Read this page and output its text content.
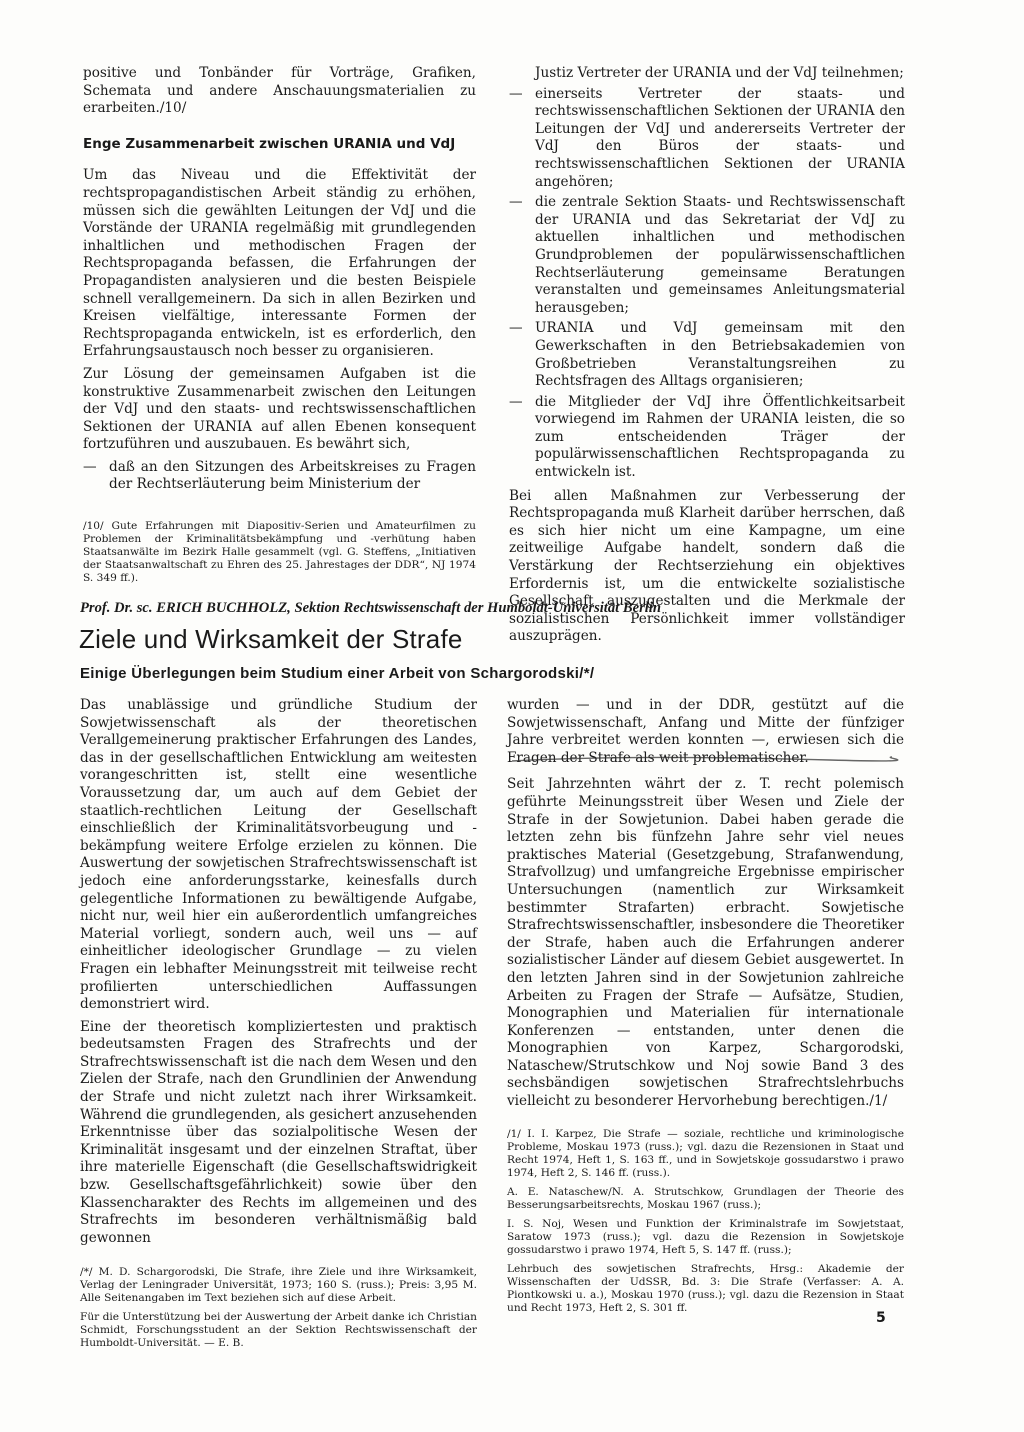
positive und Tonbänder für Vorträge, Grafiken, Schemata und andere Anschauungsmaterialien zu erarbeiten./10/

Enge Zusammenarbeit zwischen URANIA und VdJ

Um das Niveau und die Effektivität der rechtspropagandistischen Arbeit ständig zu erhöhen, müssen sich die gewählten Leitungen der VdJ und die Vorstände der URANIA regelmäßig mit grundlegenden inhaltlichen und methodischen Fragen der Rechtspropaganda befassen, die Erfahrungen der Propagandisten analysieren und die besten Beispiele schnell verallgemeinern. Da sich in allen Bezirken und Kreisen vielfältige, interessante Formen der Rechtspropaganda entwickeln, ist es erforderlich, den Erfahrungsaustausch noch besser zu organisieren.

Zur Lösung der gemeinsamen Aufgaben ist die konstruktive Zusammenarbeit zwischen den Leitungen der VdJ und den staats- und rechtswissenschaftlichen Sektionen der URANIA auf allen Ebenen konsequent fortzuführen und auszubauen. Es bewährt sich,

— daß an den Sitzungen des Arbeitskreises zu Fragen der Rechtserläuterung beim Ministerium der

/10/ Gute Erfahrungen mit Diapositiv-Serien und Amateurfilmen zu Problemen der Kriminalitätsbekämpfung und -verhütung haben Staatsanwälte im Bezirk Halle gesammelt (vgl. G. Steffens, „Initiativen der Staatsanwaltschaft zu Ehren des 25. Jahrestages der DDR“, NJ 1974 S. 349 ff.).

Justiz Vertreter der URANIA und der VdJ teilnehmen;

— einerseits Vertreter der staats- und rechtswissenschaftlichen Sektionen der URANIA den Leitungen der VdJ und andererseits Vertreter der VdJ den Büros der staats- und rechtswissenschaftlichen Sektionen der URANIA angehören;
— die zentrale Sektion Staats- und Rechtswissenschaft der URANIA und das Sekretariat der VdJ zu aktuellen inhaltlichen und methodischen Grundproblemen der populärwissenschaftlichen Rechtserläuterung gemeinsame Beratungen veranstalten und gemeinsames Anleitungsmaterial herausgeben;
— URANIA und VdJ gemeinsam mit den Gewerkschaften in den Betriebsakademien von Großbetrieben Veranstaltungsreihen zu Rechtsfragen des Alltags organisieren;
— die Mitglieder der VdJ ihre Öffentlichkeitsarbeit vorwiegend im Rahmen der URANIA leisten, die so zum entscheidenden Träger der populärwissenschaftlichen Rechtspropaganda zu entwickeln ist.

Bei allen Maßnahmen zur Verbesserung der Rechtspropaganda muß Klarheit darüber herrschen, daß es sich hier nicht um eine Kampagne, um eine zeitweilige Aufgabe handelt, sondern daß die Verstärkung der Rechtserziehung ein objektives Erfordernis ist, um die entwickelte sozialistische Gesellschaft auszugestalten und die Merkmale der sozialistischen Persönlichkeit immer vollständiger auszuprägen.

Prof. Dr. sc. ERICH BUCHHOLZ, Sektion Rechtswissenschaft der Humboldt-Universität Berlin
Ziele und Wirksamkeit der Strafe
Einige Überlegungen beim Studium einer Arbeit von Schargorodski/*/

Das unablässige und gründliche Studium der Sowjetwissenschaft als der theoretischen Verallgemeinerung praktischer Erfahrungen des Landes, das in der gesellschaftlichen Entwicklung am weitesten vorangeschritten ist, stellt eine wesentliche Voraussetzung dar, um auch auf dem Gebiet der staatlich-rechtlichen Leitung der Gesellschaft einschließlich der Kriminalitätsvorbeugung und -bekämpfung weitere Erfolge erzielen zu können. Die Auswertung der sowjetischen Strafrechtswissenschaft ist jedoch eine anforderungsstarke, keinesfalls durch gelegentliche Informationen zu bewältigende Aufgabe, nicht nur, weil hier ein außerordentlich umfangreiches Material vorliegt, sondern auch, weil uns — auf einheitlicher ideologischer Grundlage — zu vielen Fragen ein lebhafter Meinungsstreit mit teilweise recht profilierten unterschiedlichen Auffassungen demonstriert wird.

Eine der theoretisch kompliziertesten und praktisch bedeutsamsten Fragen des Strafrechts und der Strafrechtswissenschaft ist die nach dem Wesen und den Zielen der Strafe, nach den Grundlinien der Anwendung der Strafe und nicht zuletzt nach ihrer Wirksamkeit. Während die grundlegenden, als gesichert anzusehenden Erkenntnisse über das sozialpolitische Wesen der Kriminalität insgesamt und der einzelnen Straftat, über ihre materielle Eigenschaft (die Gesellschaftswidrigkeit bzw. Gesellschaftsgefährlichkeit) sowie über den Klassencharakter des Rechts im allgemeinen und des Strafrechts im besonderen verhältnismäßig bald gewonnen

/*/ M. D. Schargorodski, Die Strafe, ihre Ziele und ihre Wirksamkeit, Verlag der Leningrader Universität, 1973; 160 S. (russ.); Preis: 3,95 M. Alle Seitenangaben im Text beziehen sich auf diese Arbeit.

Für die Unterstützung bei der Auswertung der Arbeit danke ich Christian Schmidt, Forschungsstudent an der Sektion Rechtswissenschaft der Humboldt-Universität. — E. B.

wurden — und in der DDR, gestützt auf die Sowjetwissenschaft, Anfang und Mitte der fünfziger Jahre verbreitet werden konnten —, erwiesen sich die Fragen der Strafe als weit problematischer.

Seit Jahrzehnten währt der z. T. recht polemisch geführte Meinungsstreit über Wesen und Ziele der Strafe in der Sowjetunion. Dabei haben gerade die letzten zehn bis fünfzehn Jahre sehr viel neues praktisches Material (Gesetzgebung, Strafanwendung, Strafvollzug) und umfangreiche Ergebnisse empirischer Untersuchungen (namentlich zur Wirksamkeit bestimmter Strafarten) erbracht. Sowjetische Strafrechtswissenschaftler, insbesondere die Theoretiker der Strafe, haben auch die Erfahrungen anderer sozialistischer Länder auf diesem Gebiet ausgewertet. In den letzten Jahren sind in der Sowjetunion zahlreiche Arbeiten zu Fragen der Strafe — Aufsätze, Studien, Monographien und Materialien für internationale Konferenzen — entstanden, unter denen die Monographien von Karpez, Schargorodski, Nataschew/Strutschkow und Noj sowie Band 3 des sechsbändigen sowjetischen Strafrechtslehrbuchs vielleicht zu besonderer Hervorhebung berechtigen./1/

/1/ I. I. Karpez, Die Strafe — soziale, rechtliche und kriminologische Probleme, Moskau 1973 (russ.); vgl. dazu die Rezensionen in Staat und Recht 1974, Heft 1, S. 163 ff., und in Sowjetskoje gossudarstwo i prawo 1974, Heft 2, S. 146 ff. (russ.).

A. E. Nataschew/N. A. Strutschkow, Grundlagen der Theorie des Besserungsarbeitsrechts, Moskau 1967 (russ.);

I. S. Noj, Wesen und Funktion der Kriminalstrafe im Sowjetstaat, Saratow 1973 (russ.); vgl. dazu die Rezension in Sowjetskoje gossudarstwo i prawo 1974, Heft 5, S. 147 ff. (russ.);

Lehrbuch des sowjetischen Strafrechts, Hrsg.: Akademie der Wissenschaften der UdSSR, Bd. 3: Die Strafe (Verfasser: A. A. Piontkowski u. a.), Moskau 1970 (russ.); vgl. dazu die Rezension in Staat und Recht 1973, Heft 2, S. 301 ff.

5
